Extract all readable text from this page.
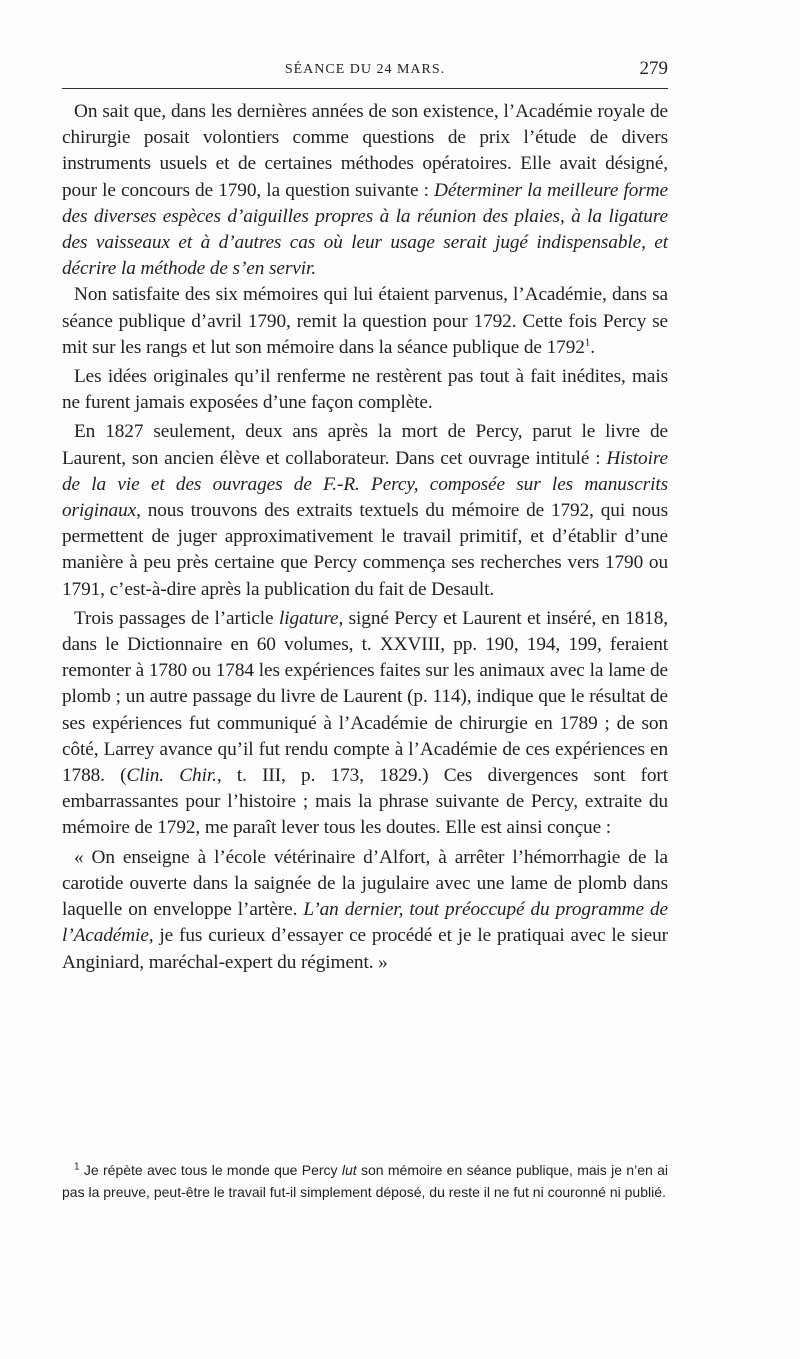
SÉANCE DU 24 MARS.	279

On sait que, dans les dernières années de son existence, l’Académie royale de chirurgie posait volontiers comme questions de prix l’étude de divers instruments usuels et de certaines méthodes opératoires. Elle avait désigné, pour le concours de 1790, la question suivante : Déterminer la meilleure forme des diverses espèces d’aiguilles propres à la réunion des plaies, à la ligature des vaisseaux et à d’autres cas où leur usage serait jugé indispensable, et décrire la méthode de s’en servir.

Non satisfaite des six mémoires qui lui étaient parvenus, l’Académie, dans sa séance publique d’avril 1790, remit la question pour 1792. Cette fois Percy se mit sur les rangs et lut son mémoire dans la séance publique de 1792$^1$.

Les idées originales qu’il renferme ne restèrent pas tout à fait inédites, mais ne furent jamais exposées d’une façon complète.

En 1827 seulement, deux ans après la mort de Percy, parut le livre de Laurent, son ancien élève et collaborateur. Dans cet ouvrage intitulé : Histoire de la vie et des ouvrages de F.-R. Percy, composée sur les manuscrits originaux, nous trouvons des extraits textuels du mémoire de 1792, qui nous permettent de juger approximativement le travail primitif, et d’établir d’une manière à peu près certaine que Percy commença ses recherches vers 1790 ou 1791, c’est-à-dire après la publication du fait de Desault.

Trois passages de l’article ligature, signé Percy et Laurent et inséré, en 1818, dans le Dictionnaire en 60 volumes, t. XXVIII, pp. 190, 194, 199, feraient remonter à 1780 ou 1784 les expériences faites sur les animaux avec la lame de plomb ; un autre passage du livre de Laurent (p. 114), indique que le résultat de ses expériences fut communiqué à l’Académie de chirurgie en 1789 ; de son côté, Larrey avance qu’il fut rendu compte à l’Académie de ces expériences en 1788. (Clin. Chir., t. III, p. 173, 1829.) Ces divergences sont fort embarrassantes pour l’histoire ; mais la phrase suivante de Percy, extraite du mémoire de 1792, me paraît lever tous les doutes. Elle est ainsi conçue :

« On enseigne à l’école vétérinaire d’Alfort, à arrêter l’hémorrhagie de la carotide ouverte dans la saignée de la jugulaire avec une lame de plomb dans laquelle on enveloppe l’artère. L’an dernier, tout préoccupé du programme de l’Académie, je fus curieux d’essayer ce procédé et je le pratiquai avec le sieur Anginiard, maréchal-expert du régiment. »

$^1$ Je répète avec tous le monde que Percy lut son mémoire en séance publique, mais je n’en ai pas la preuve, peut-être le travail fut-il simplement déposé, du reste il ne fut ni couronné ni publié.
